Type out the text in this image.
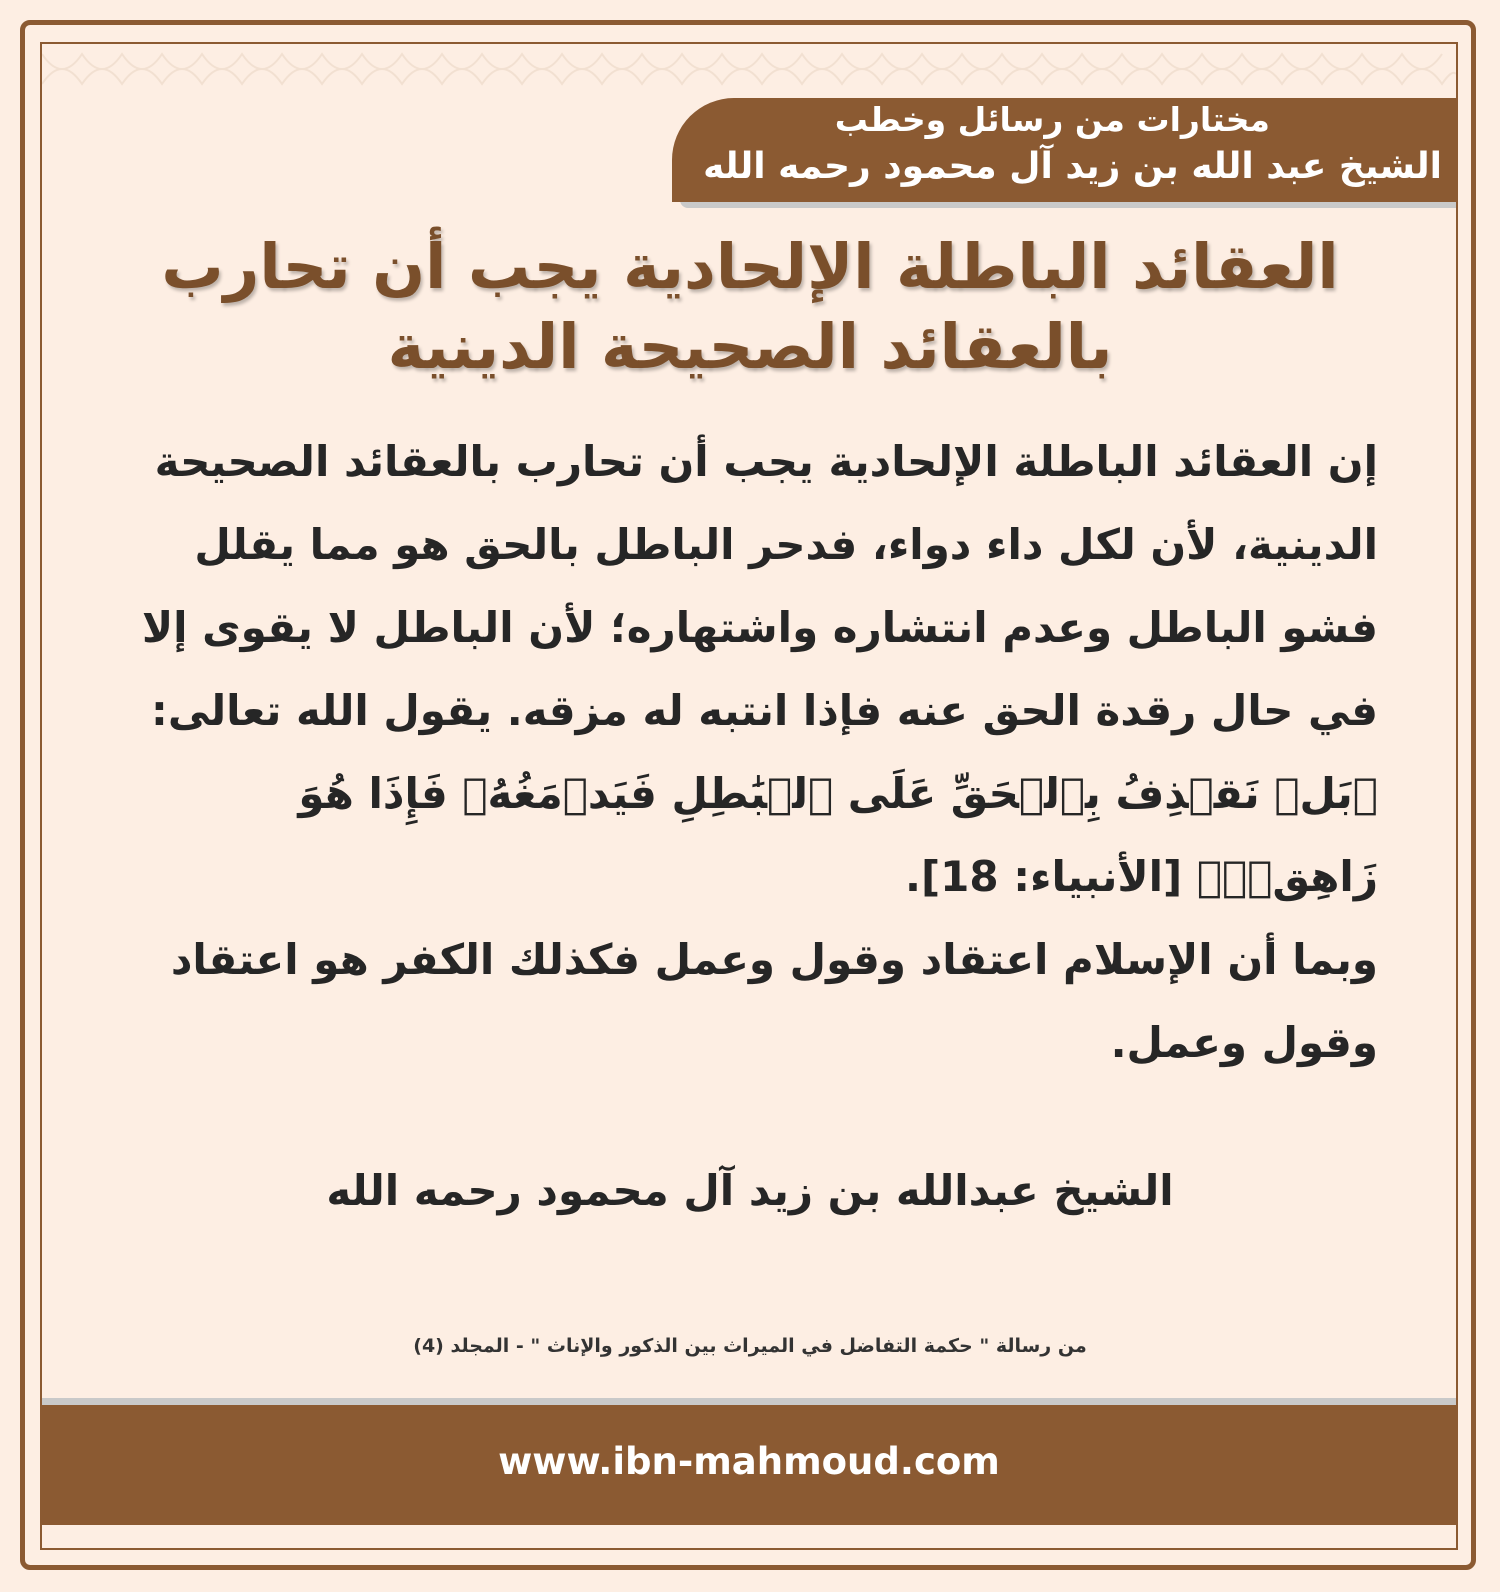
مختارات من رسائل وخطب
الشيخ عبد الله بن زيد آل محمود رحمه الله
العقائد الباطلة الإلحادية يجب أن تحارب
بالعقائد الصحيحة الدينية

إن العقائد الباطلة الإلحادية يجب أن تحارب بالعقائد الصحيحة الدينية، لأن لكل داء دواء، فدحر الباطل بالحق هو مما يقلل فشو الباطل وعدم انتشاره واشتهاره؛ لأن الباطل لا يقوى إلا في حال رقدة الحق عنه فإذا انتبه له مزقه. يقول الله تعالى: ﴿بَلۡ نَقۡذِفُ بِٱلۡحَقِّ عَلَى ٱلۡبَٰطِلِ فَيَدۡمَغُهُۥ فَإِذَا هُوَ زَاهِقٞۚ﴾ [الأنبياء: 18].

وبما أن الإسلام اعتقاد وقول وعمل فكذلك الكفر هو اعتقاد وقول وعمل.

الشيخ عبدالله بن زيد آل محمود رحمه الله
من رسالة " حكمة التفاضل في الميراث بين الذكور والإناث " - المجلد (4)
www.ibn-mahmoud.com
